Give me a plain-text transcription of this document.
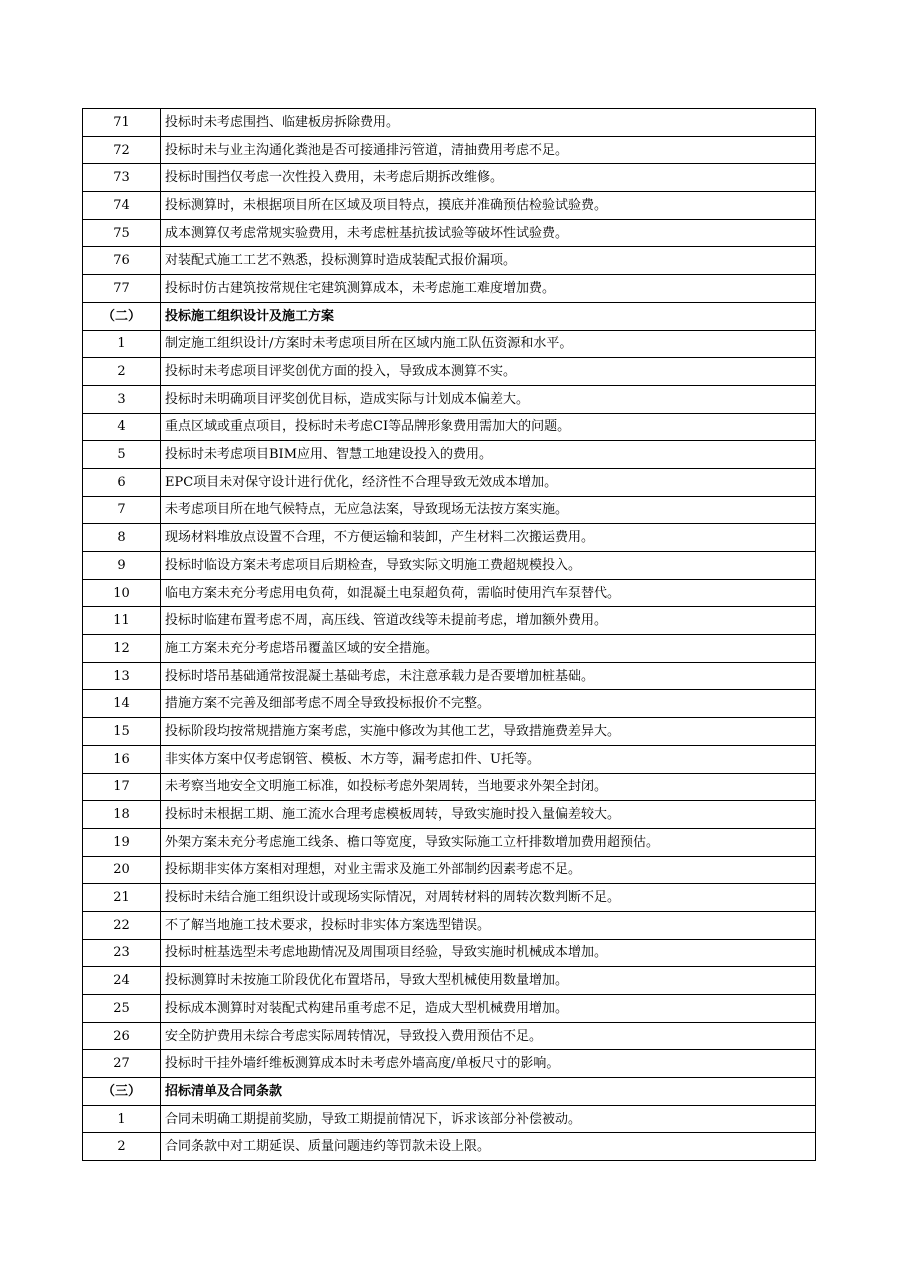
71	投标时未考虑围挡、临建板房拆除费用。
72	投标时未与业主沟通化粪池是否可接通排污管道，清抽费用考虑不足。
73	投标时围挡仅考虑一次性投入费用，未考虑后期拆改维修。
74	投标测算时，未根据项目所在区域及项目特点，摸底并准确预估检验试验费。
75	成本测算仅考虑常规实验费用，未考虑桩基抗拔试验等破坏性试验费。
76	对装配式施工工艺不熟悉，投标测算时造成装配式报价漏项。
77	投标时仿古建筑按常规住宅建筑测算成本，未考虑施工难度增加费。
（二）	投标施工组织设计及施工方案
1	制定施工组织设计/方案时未考虑项目所在区域内施工队伍资源和水平。
2	投标时未考虑项目评奖创优方面的投入，导致成本测算不实。
3	投标时未明确项目评奖创优目标，造成实际与计划成本偏差大。
4	重点区域或重点项目，投标时未考虑CI等品牌形象费用需加大的问题。
5	投标时未考虑项目BIM应用、智慧工地建设投入的费用。
6	EPC项目未对保守设计进行优化，经济性不合理导致无效成本增加。
7	未考虑项目所在地气候特点，无应急法案，导致现场无法按方案实施。
8	现场材料堆放点设置不合理，不方便运输和装卸，产生材料二次搬运费用。
9	投标时临设方案未考虑项目后期检查，导致实际文明施工费超规模投入。
10	临电方案未充分考虑用电负荷，如混凝土电泵超负荷，需临时使用汽车泵替代。
11	投标时临建布置考虑不周，高压线、管道改线等未提前考虑，增加额外费用。
12	施工方案未充分考虑塔吊覆盖区域的安全措施。
13	投标时塔吊基础通常按混凝土基础考虑，未注意承载力是否要增加桩基础。
14	措施方案不完善及细部考虑不周全导致投标报价不完整。
15	投标阶段均按常规措施方案考虑，实施中修改为其他工艺，导致措施费差异大。
16	非实体方案中仅考虑钢管、模板、木方等，漏考虑扣件、U托等。
17	未考察当地安全文明施工标准，如投标考虑外架周转，当地要求外架全封闭。
18	投标时未根据工期、施工流水合理考虑模板周转，导致实施时投入量偏差较大。
19	外架方案未充分考虑施工线条、檐口等宽度，导致实际施工立杆排数增加费用超预估。
20	投标期非实体方案相对理想，对业主需求及施工外部制约因素考虑不足。
21	投标时未结合施工组织设计或现场实际情况，对周转材料的周转次数判断不足。
22	不了解当地施工技术要求，投标时非实体方案选型错误。
23	投标时桩基选型未考虑地勘情况及周围项目经验，导致实施时机械成本增加。
24	投标测算时未按施工阶段优化布置塔吊，导致大型机械使用数量增加。
25	投标成本测算时对装配式构建吊重考虑不足，造成大型机械费用增加。
26	安全防护费用未综合考虑实际周转情况，导致投入费用预估不足。
27	投标时干挂外墙纤维板测算成本时未考虑外墙高度/单板尺寸的影响。
（三）	招标清单及合同条款
1	合同未明确工期提前奖励，导致工期提前情况下，诉求该部分补偿被动。
2	合同条款中对工期延误、质量问题违约等罚款未设上限。
